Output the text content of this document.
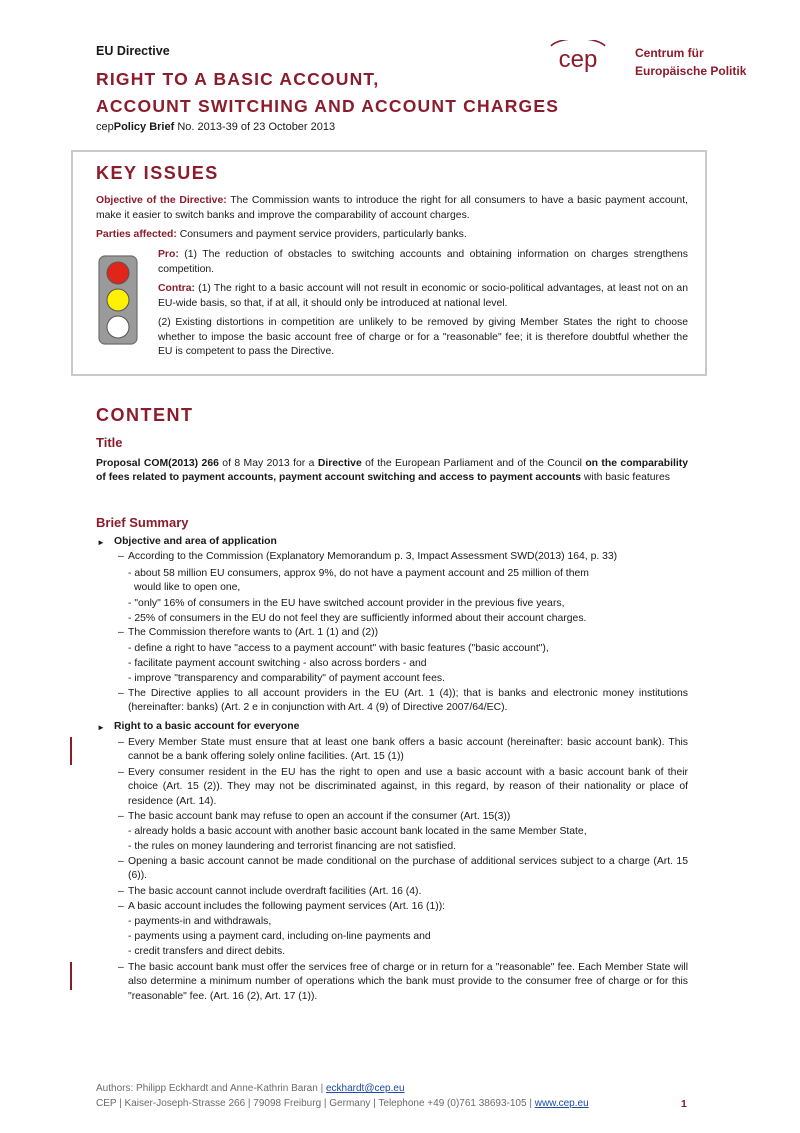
EU Directive
RIGHT TO A BASIC ACCOUNT,
ACCOUNT SWITCHING AND ACCOUNT CHARGES
cepPolicy Brief No. 2013-39 of 23 October 2013
cep	Centrum für
Europäische Politik
KEY ISSUES
Objective of the Directive: The Commission wants to introduce the right for all consumers to have a basic payment account, make it easier to switch banks and improve the comparability of account charges.
Parties affected: Consumers and payment service providers, particularly banks.
Pro: (1) The reduction of obstacles to switching accounts and obtaining information on charges strengthens competition.
Contra: (1) The right to a basic account will not result in economic or socio-political advantages, at least not on an EU-wide basis, so that, if at all, it should only be introduced at national level.
(2) Existing distortions in competition are unlikely to be removed by giving Member States the right to choose whether to impose the basic account free of charge or for a "reasonable" fee; it is therefore doubtful whether the EU is competent to pass the Directive.
CONTENT
Title
Proposal COM(2013) 266 of 8 May 2013 for a Directive of the European Parliament and of the Council on the comparability of fees related to payment accounts, payment account switching and access to payment accounts with basic features
Brief Summary
► Objective and area of application
– According to the Commission (Explanatory Memorandum p. 3, Impact Assessment SWD(2013) 164, p. 33)
- about 58 million EU consumers, approx 9%, do not have a payment account and 25 million of them
would like to open one,
- "only" 16% of consumers in the EU have switched account provider in the previous five years,
- 25% of consumers in the EU do not feel they are sufficiently informed about their account charges.
– The Commission therefore wants to (Art. 1 (1) and (2))
- define a right to have "access to a payment account" with basic features ("basic account"),
- facilitate payment account switching - also across borders - and
- improve "transparency and comparability" of payment account fees.
– The Directive applies to all account providers in the EU (Art. 1 (4)); that is banks and electronic money institutions (hereinafter: banks) (Art. 2 e in conjunction with Art. 4 (9) of Directive 2007/64/EC).
► Right to a basic account for everyone
– Every Member State must ensure that at least one bank offers a basic account (hereinafter: basic account bank). This cannot be a bank offering solely online facilities. (Art. 15 (1))
– Every consumer resident in the EU has the right to open and use a basic account with a basic account bank of their choice (Art. 15 (2)). They may not be discriminated against, in this regard, by reason of their nationality or place of residence (Art. 14).
– The basic account bank may refuse to open an account if the consumer (Art. 15(3))
- already holds a basic account with another basic account bank located in the same Member State,
- the rules on money laundering and terrorist financing are not satisfied.
– Opening a basic account cannot be made conditional on the purchase of additional services subject to a charge (Art. 15 (6)).
– The basic account cannot include overdraft facilities (Art. 16 (4).
– A basic account includes the following payment services (Art. 16 (1)):
- payments-in and withdrawals,
- payments using a payment card, including on-line payments and
- credit transfers and direct debits.
– The basic account bank must offer the services free of charge or in return for a "reasonable" fee. Each Member State will also determine a minimum number of operations which the bank must provide to the consumer free of charge or for this "reasonable" fee. (Art. 16 (2), Art. 17 (1)).
Authors: Philipp Eckhardt and Anne-Kathrin Baran | eckhardt@cep.eu
CEP | Kaiser-Joseph-Strasse 266 | 79098 Freiburg | Germany | Telephone +49 (0)761 38693-105 | www.cep.eu	1
